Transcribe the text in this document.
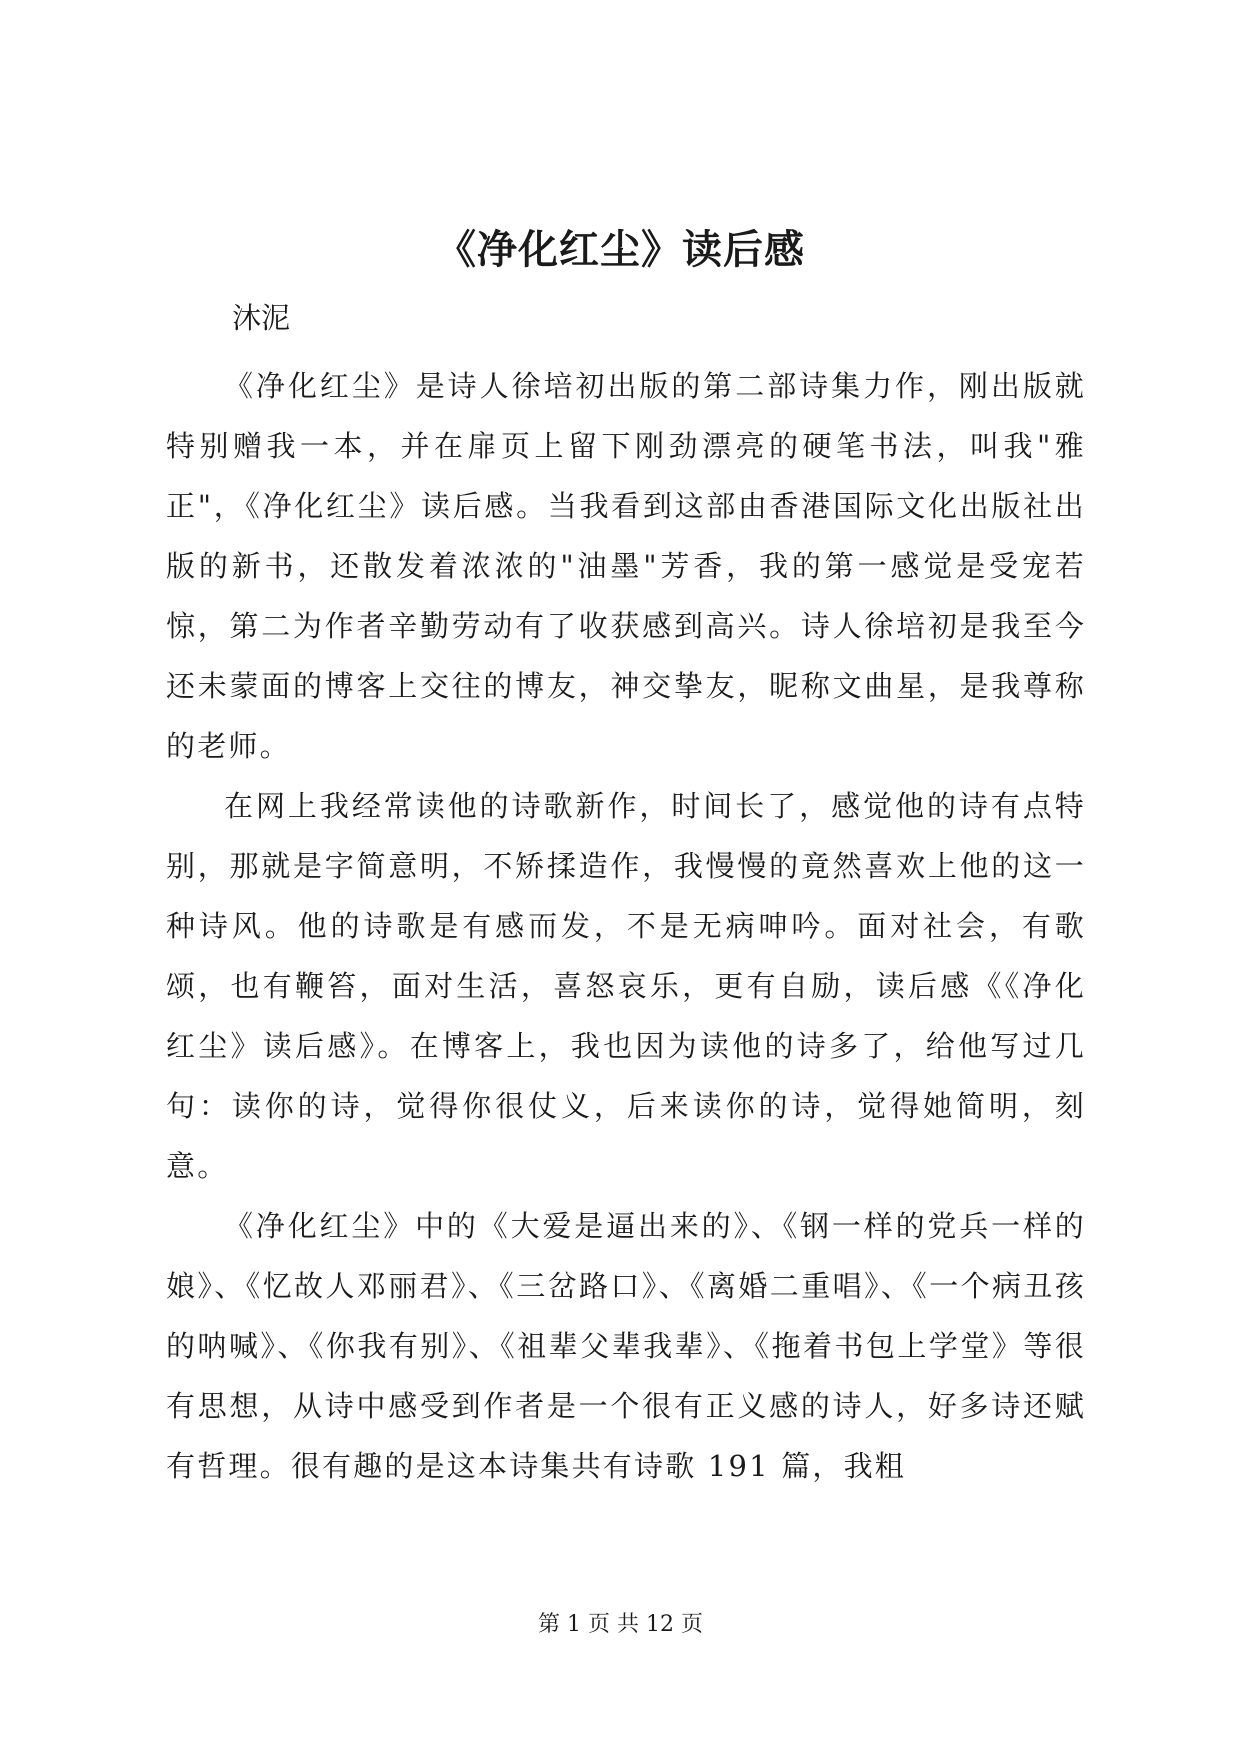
《净化红尘》读后感
沐泥

《净化红尘》是诗人徐培初出版的第二部诗集力作，刚出版就特别赠我一本，并在扉页上留下刚劲漂亮的硬笔书法，叫我"雅正"，《净化红尘》读后感。当我看到这部由香港国际文化出版社出版的新书，还散发着浓浓的"油墨"芳香，我的第一感觉是受宠若惊，第二为作者辛勤劳动有了收获感到高兴。诗人徐培初是我至今还未蒙面的博客上交往的博友，神交挚友，昵称文曲星，是我尊称的老师。

在网上我经常读他的诗歌新作，时间长了，感觉他的诗有点特别，那就是字简意明，不矫揉造作，我慢慢的竟然喜欢上他的这一种诗风。他的诗歌是有感而发，不是无病呻吟。面对社会，有歌颂，也有鞭笞，面对生活，喜怒哀乐，更有自励，读后感《《净化红尘》读后感》。在博客上，我也因为读他的诗多了，给他写过几句：读你的诗，觉得你很仗义，后来读你的诗，觉得她简明，刻意。

《净化红尘》中的《大爱是逼出来的》、《钢一样的党兵一样的娘》、《忆故人邓丽君》、《三岔路口》、《离婚二重唱》、《一个病丑孩的呐喊》、《你我有别》、《祖辈父辈我辈》、《拖着书包上学堂》等很有思想，从诗中感受到作者是一个很有正义感的诗人，好多诗还赋有哲理。很有趣的是这本诗集共有诗歌 191 篇，我粗

第 1 页 共 12 页
